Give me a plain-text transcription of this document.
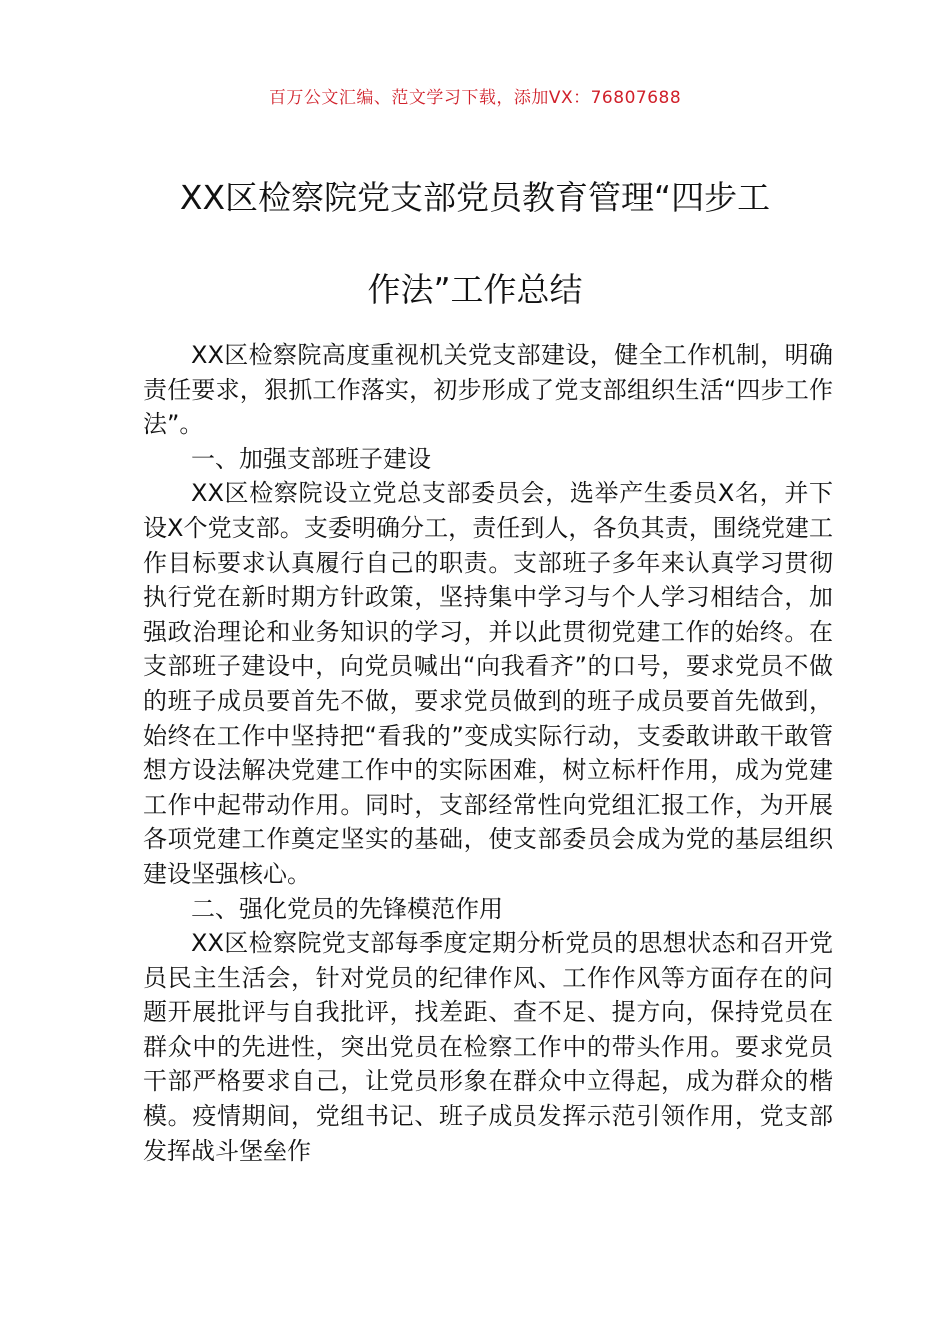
百万公文汇编、范文学习下载，添加VX：76807688
XX区检察院党支部党员教育管理“四步工
作法”工作总结

XX区检察院高度重视机关党支部建设，健全工作机制，明确责任要求，狠抓工作落实，初步形成了党支部组织生活“四步工作法”。

一、加强支部班子建设

XX区检察院设立党总支部委员会，选举产生委员X名，并下设X个党支部。支委明确分工，责任到人，各负其责，围绕党建工作目标要求认真履行自己的职责。支部班子多年来认真学习贯彻执行党在新时期方针政策，坚持集中学习与个人学习相结合，加强政治理论和业务知识的学习，并以此贯彻党建工作的始终。在支部班子建设中，向党员喊出“向我看齐”的口号，要求党员不做的班子成员要首先不做，要求党员做到的班子成员要首先做到，始终在工作中坚持把“看我的”变成实际行动，支委敢讲敢干敢管想方设法解决党建工作中的实际困难，树立标杆作用，成为党建工作中起带动作用。同时，支部经常性向党组汇报工作，为开展各项党建工作奠定坚实的基础，使支部委员会成为党的基层组织建设坚强核心。

二、强化党员的先锋模范作用

XX区检察院党支部每季度定期分析党员的思想状态和召开党员民主生活会，针对党员的纪律作风、工作作风等方面存在的问题开展批评与自我批评，找差距、查不足、提方向，保持党员在群众中的先进性，突出党员在检察工作中的带头作用。要求党员干部严格要求自己，让党员形象在群众中立得起，成为群众的楷模。疫情期间，党组书记、班子成员发挥示范引领作用，党支部发挥战斗堡垒作
